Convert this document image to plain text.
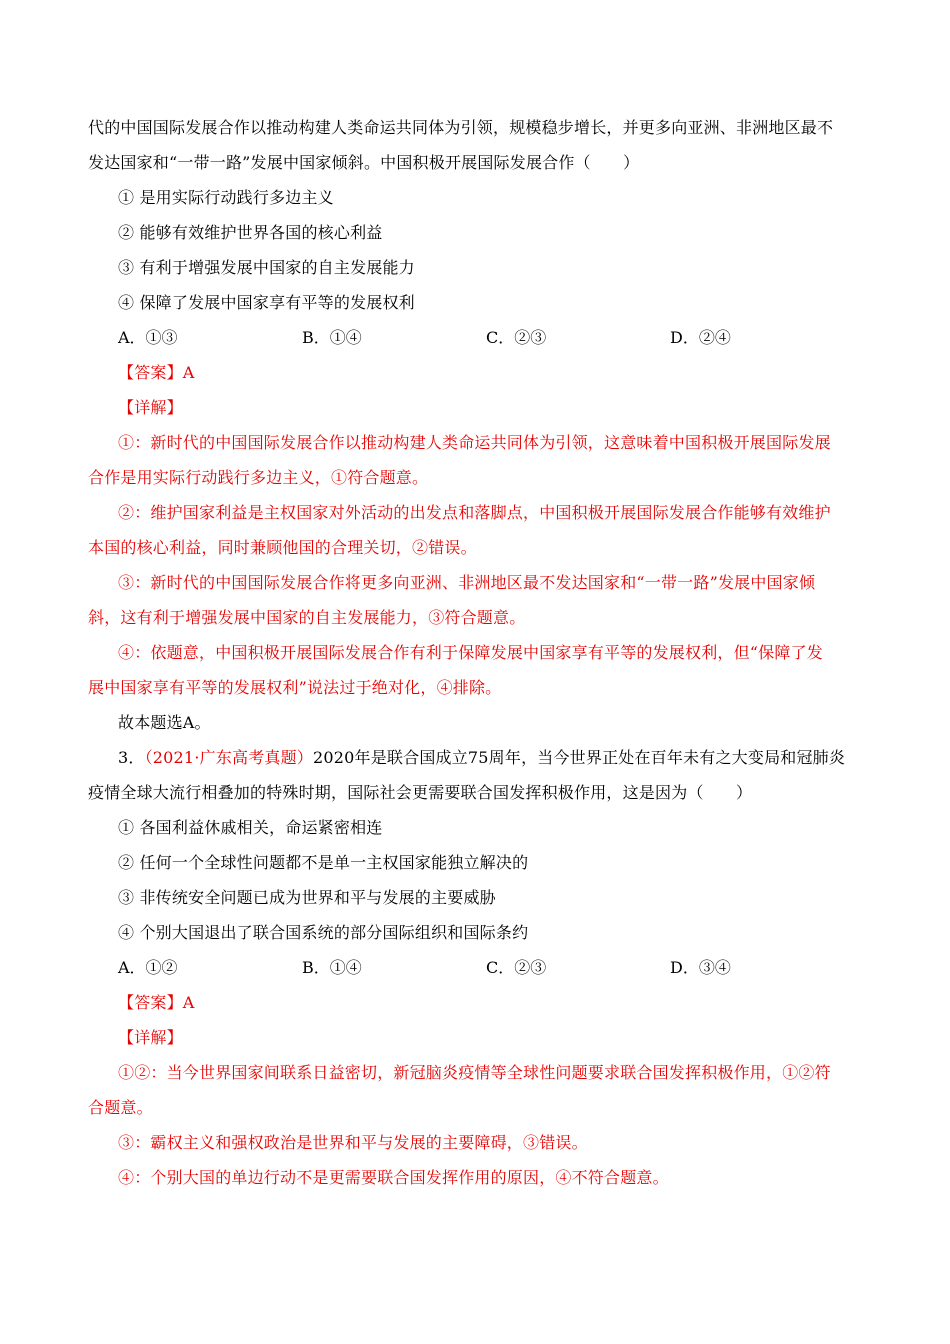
代的中国国际发展合作以推动构建人类命运共同体为引领，规模稳步增长，并更多向亚洲、非洲地区最不
发达国家和“一带一路”发展中国家倾斜。中国积极开展国际发展合作（　　）
① 是用实际行动践行多边主义
② 能够有效维护世界各国的核心利益
③ 有利于增强发展中国家的自主发展能力
④ 保障了发展中国家享有平等的发展权利
A．①③	B．①④	C．②③	D．②④
【答案】A
【详解】
①：新时代的中国国际发展合作以推动构建人类命运共同体为引领，这意味着中国积极开展国际发展
合作是用实际行动践行多边主义，①符合题意。
②：维护国家利益是主权国家对外活动的出发点和落脚点，中国积极开展国际发展合作能够有效维护
本国的核心利益，同时兼顾他国的合理关切，②错误。
③：新时代的中国国际发展合作将更多向亚洲、非洲地区最不发达国家和“一带一路”发展中国家倾
斜，这有利于增强发展中国家的自主发展能力，③符合题意。
④：依题意，中国积极开展国际发展合作有利于保障发展中国家享有平等的发展权利，但“保障了发
展中国家享有平等的发展权利”说法过于绝对化，④排除。
故本题选A。
3．（2021·广东高考真题）2020年是联合国成立75周年，当今世界正处在百年未有之大变局和冠肺炎
疫情全球大流行相叠加的特殊时期，国际社会更需要联合国发挥积极作用，这是因为（　　）
① 各国利益休戚相关，命运紧密相连
② 任何一个全球性问题都不是单一主权国家能独立解决的
③ 非传统安全问题已成为世界和平与发展的主要威胁
④ 个别大国退出了联合国系统的部分国际组织和国际条约
A．①②	B．①④	C．②③	D．③④
【答案】A
【详解】
①②：当今世界国家间联系日益密切，新冠脑炎疫情等全球性问题要求联合国发挥积极作用，①②符
合题意。
③：霸权主义和强权政治是世界和平与发展的主要障碍，③错误。
④：个别大国的单边行动不是更需要联合国发挥作用的原因，④不符合题意。
